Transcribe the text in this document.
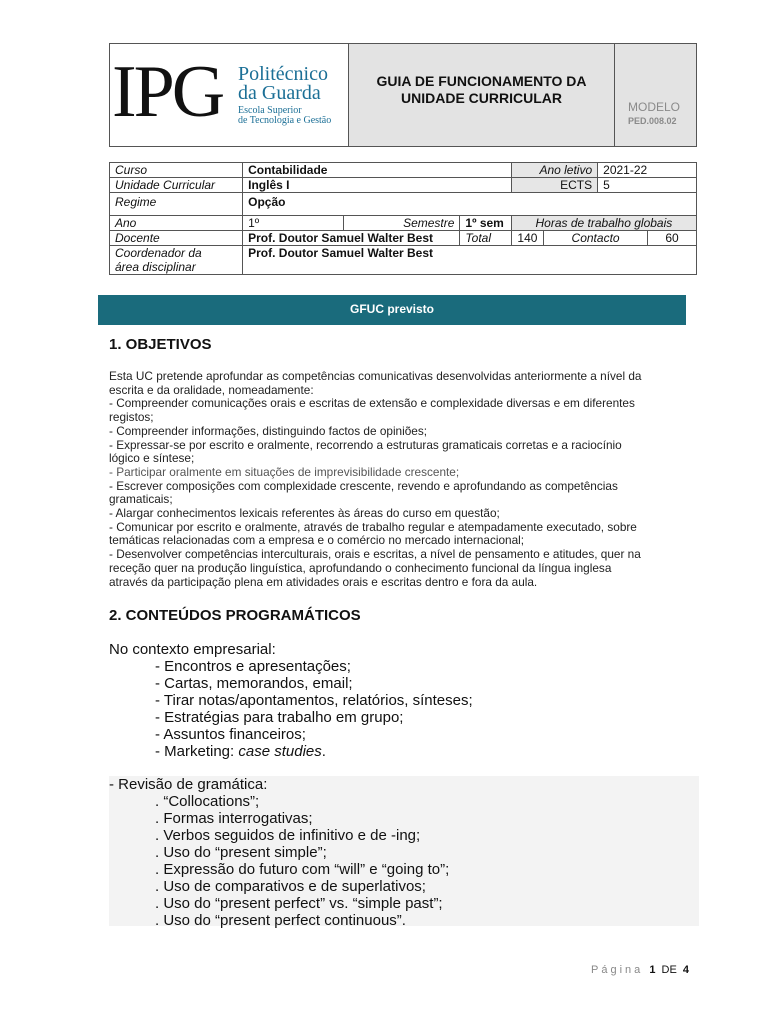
IPG Politécnico
da Guarda
Escola Superior
de Tecnologia e Gestão
GUIA DE FUNCIONAMENTO DA
UNIDADE CURRICULAR
MODELO
PED.008.02
Curso	Contabilidade			Ano letivo		2021-22	
Unidade Curricular	Inglês I			ECTS		5	
Regime	Opção						
Ano	1º	Semestre	1º sem	Horas de trabalho globais			
Docente	Prof. Doutor Samuel Walter Best		Total	140	Contacto		60

Coordenador da
área disciplinar	Prof. Doutor Samuel Walter Best						
GFUC previsto
1. OBJETIVOS
Esta UC pretende aprofundar as competências comunicativas desenvolvidas anteriormente a nível da
escrita e da oralidade, nomeadamente:
- Compreender comunicações orais e escritas de extensão e complexidade diversas e em diferentes
registos;
- Compreender informações, distinguindo factos de opiniões;
- Expressar-se por escrito e oralmente, recorrendo a estruturas gramaticais corretas e a raciocínio
lógico e síntese;
- Participar oralmente em situações de imprevisibilidade crescente;
- Escrever composições com complexidade crescente, revendo e aprofundando as competências
gramaticais;
- Alargar conhecimentos lexicais referentes às áreas do curso em questão;
- Comunicar por escrito e oralmente, através de trabalho regular e atempadamente executado, sobre
temáticas relacionadas com a empresa e o comércio no mercado internacional;
- Desenvolver competências interculturais, orais e escritas, a nível de pensamento e atitudes, quer na
receção quer na produção linguística, aprofundando o conhecimento funcional da língua inglesa
através da participação plena em atividades orais e escritas dentro e fora da aula.
2. CONTEÚDOS PROGRAMÁTICOS
No contexto empresarial:
- Encontros e apresentações;
- Cartas, memorandos, email;
- Tirar notas/apontamentos, relatórios, sínteses;
- Estratégias para trabalho em grupo;
- Assuntos financeiros;
- Marketing: case studies.
- Revisão de gramática:
. “Collocations”;
. Formas interrogativas;
. Verbos seguidos de infinitivo e de -ing;
. Uso do “present simple”;
. Expressão do futuro com “will” e “going to”;
. Uso de comparativos e de superlativos;
. Uso do “present perfect” vs. “simple past”;
. Uso do “present perfect continuous”.
Página 1 DE 4
